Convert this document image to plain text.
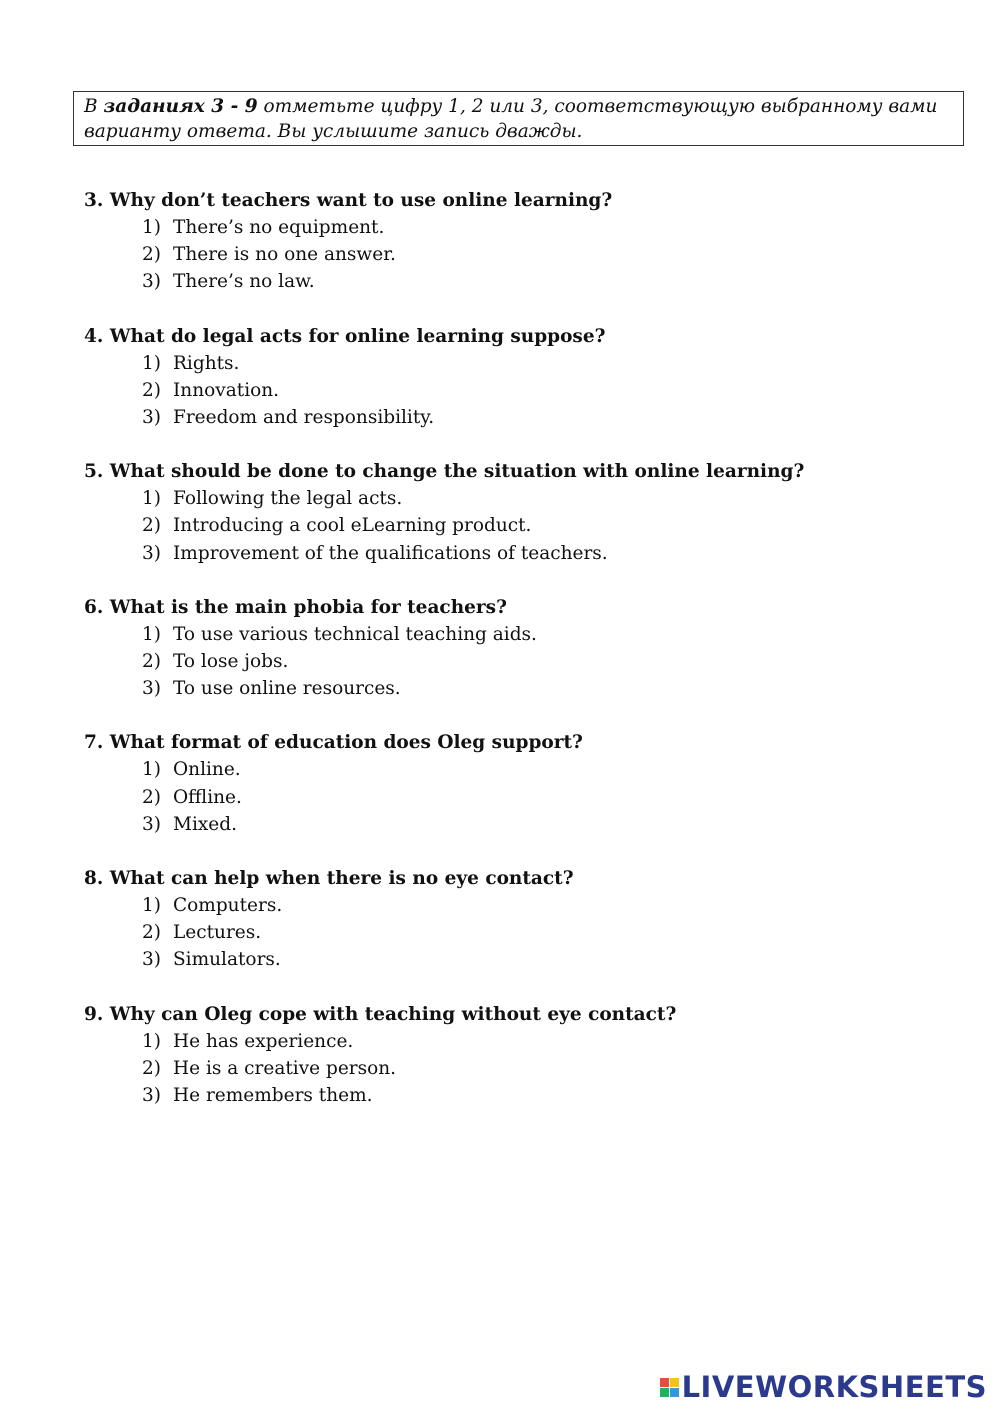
В заданиях 3 - 9 отметьте цифру 1, 2 или 3, соответствующую выбранному вами варианту ответа. Вы услышите запись дважды.
3. Why don’t teachers want to use online learning?
1) There’s no equipment.
2) There is no one answer.
3) There’s no law.
4. What do legal acts for online learning suppose?
1) Rights.
2) Innovation.
3) Freedom and responsibility.
5. What should be done to change the situation with online learning?
1) Following the legal acts.
2) Introducing a cool eLearning product.
3) Improvement of the qualifications of teachers.
6. What is the main phobia for teachers?
1) To use various technical teaching aids.
2) To lose jobs.
3) To use online resources.
7. What format of education does Oleg support?
1) Online.
2) Offline.
3) Mixed.
8. What can help when there is no eye contact?
1) Computers.
2) Lectures.
3) Simulators.
9. Why can Oleg cope with teaching without eye contact?
1) He has experience.
2) He is a creative person.
3) He remembers them.
LIVEWORKSHEETS
